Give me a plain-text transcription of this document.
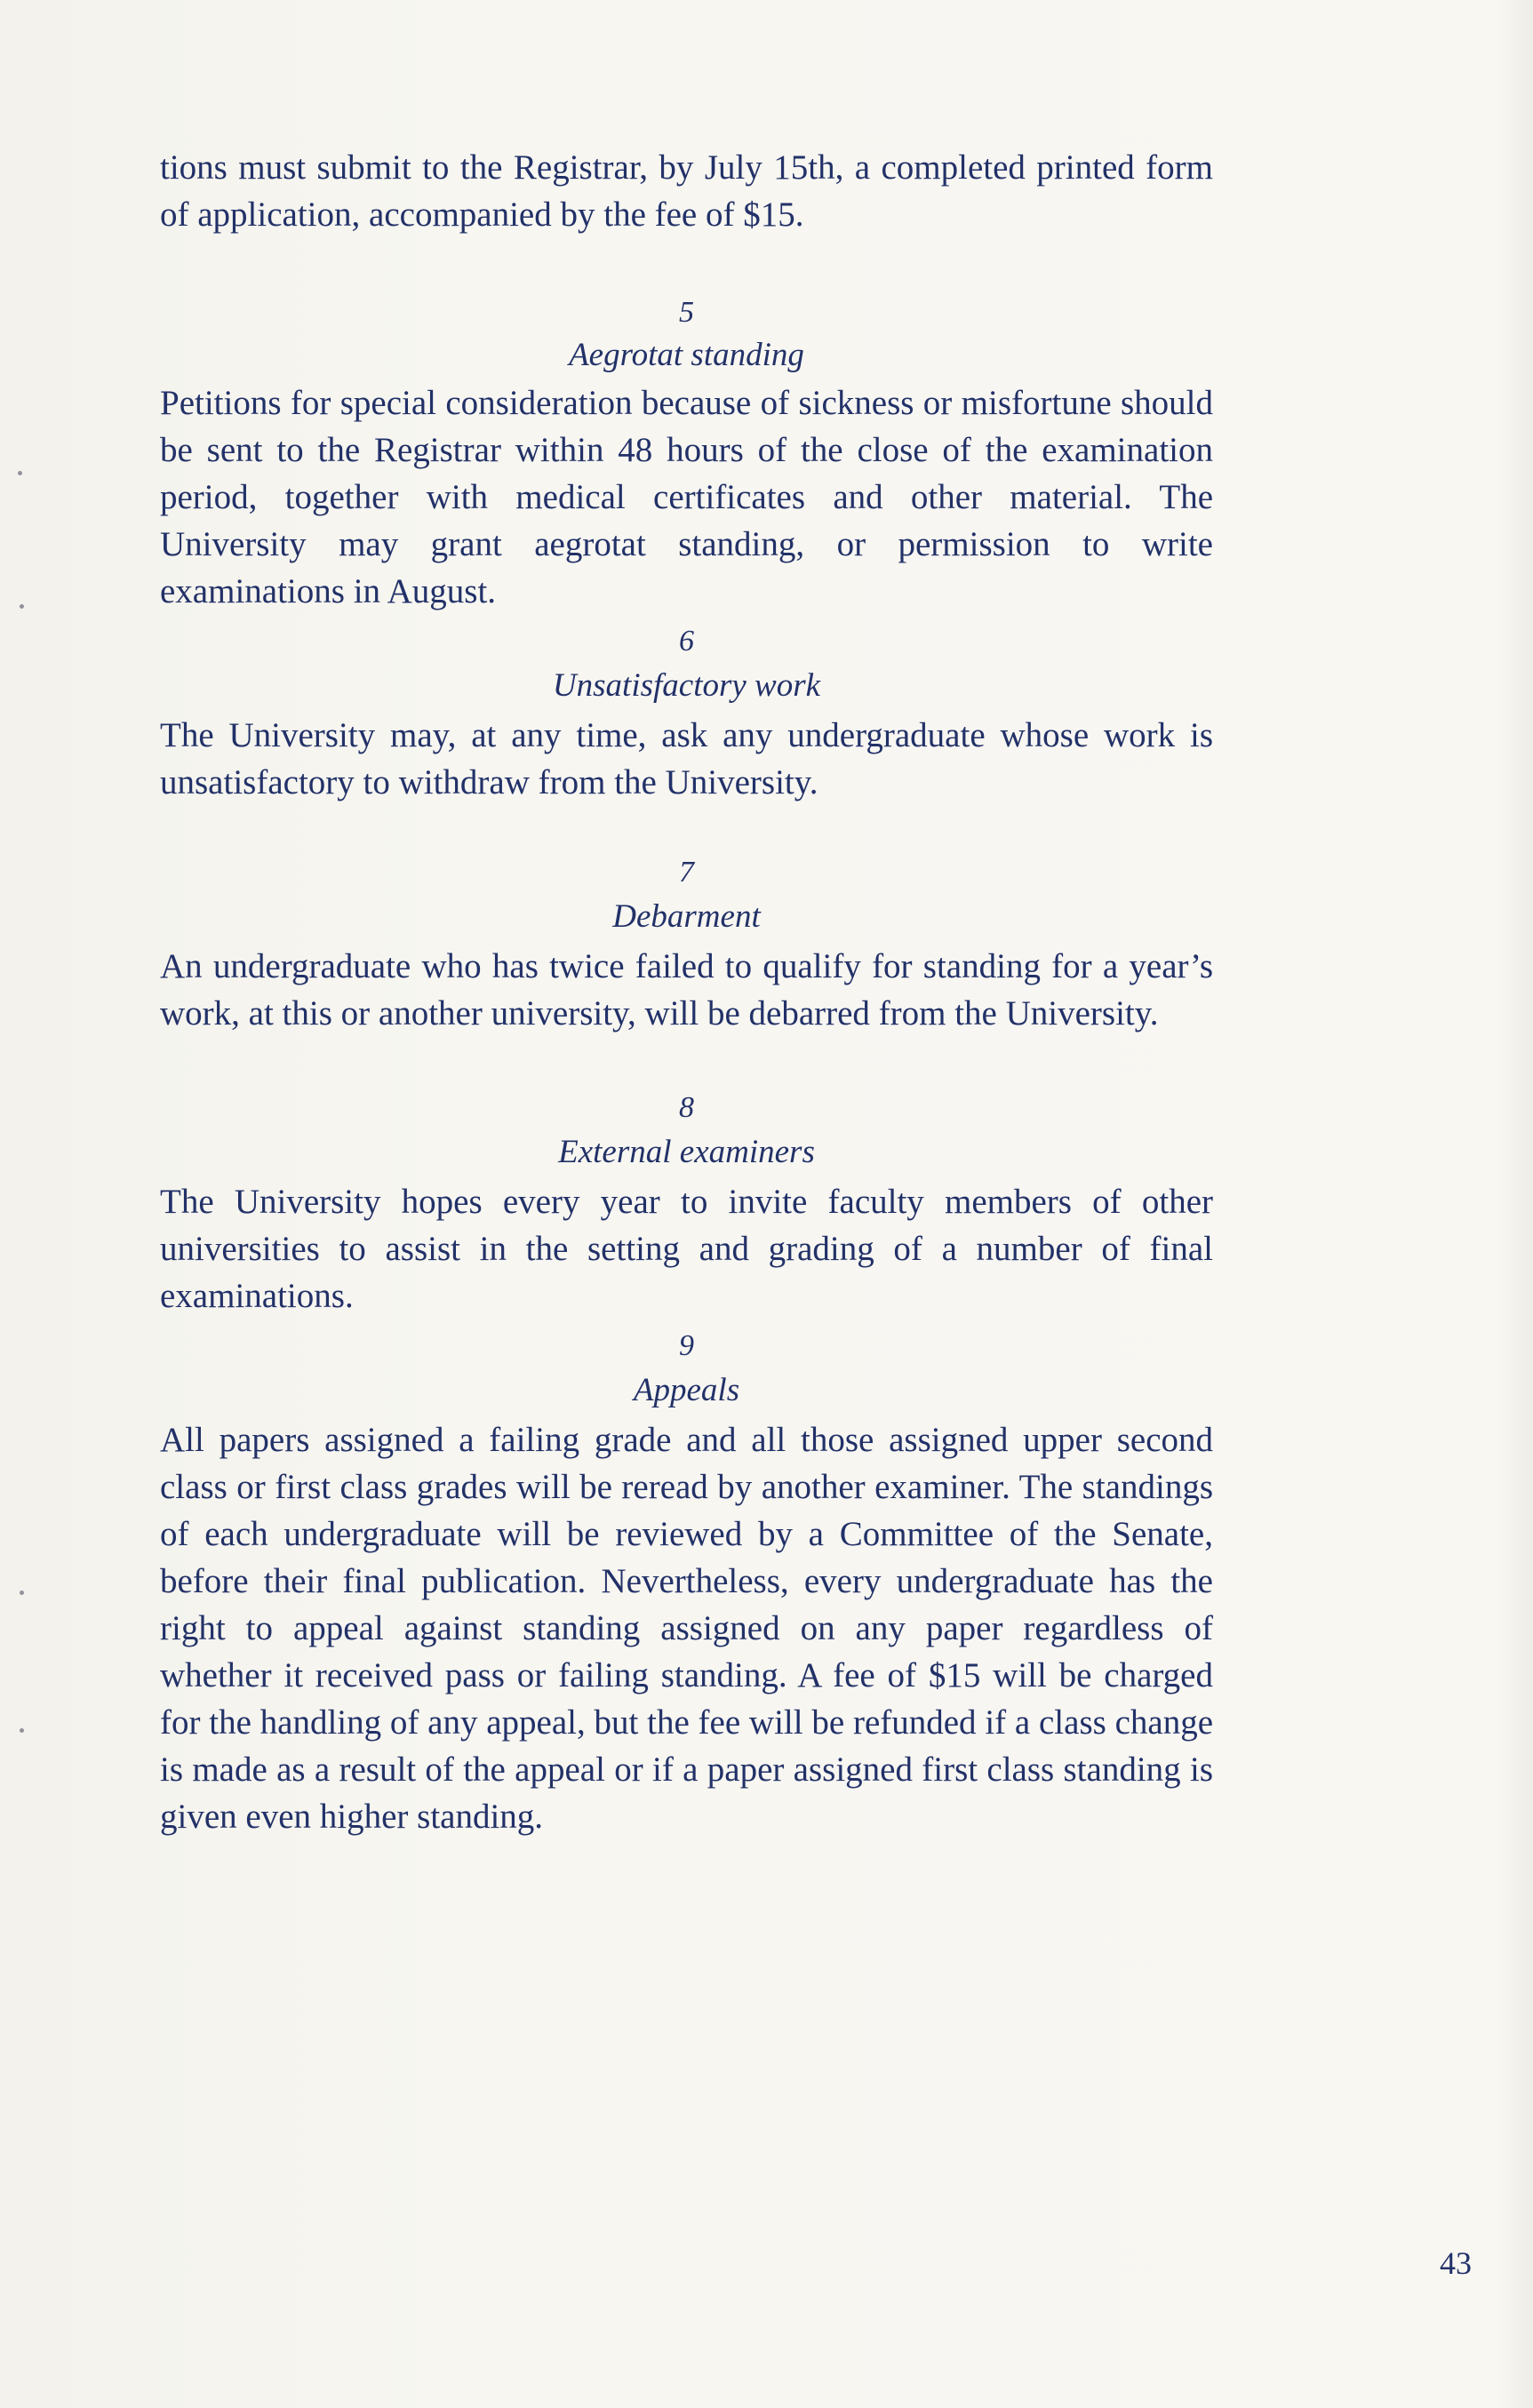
tions must submit to the Registrar, by July 15th, a completed printed form of application, accompanied by the fee of $15.

5
Aegrotat standing

Petitions for special consideration because of sickness or misfortune should be sent to the Registrar within 48 hours of the close of the examination period, together with medical certificates and other material. The University may grant aegrotat standing, or permission to write examinations in August.

6
Unsatisfactory work

The University may, at any time, ask any undergraduate whose work is unsatisfactory to withdraw from the University.

7
Debarment

An undergraduate who has twice failed to qualify for standing for a year’s work, at this or another university, will be debarred from the University.

8
External examiners

The University hopes every year to invite faculty members of other universities to assist in the setting and grading of a number of final examinations.

9
Appeals

All papers assigned a failing grade and all those assigned upper second class or first class grades will be reread by another examiner. The standings of each undergraduate will be reviewed by a Committee of the Senate, before their final publication. Nevertheless, every undergraduate has the right to appeal against standing assigned on any paper regardless of whether it received pass or failing standing. A fee of $15 will be charged for the handling of any appeal, but the fee will be refunded if a class change is made as a result of the appeal or if a paper assigned first class standing is given even higher standing.

43
